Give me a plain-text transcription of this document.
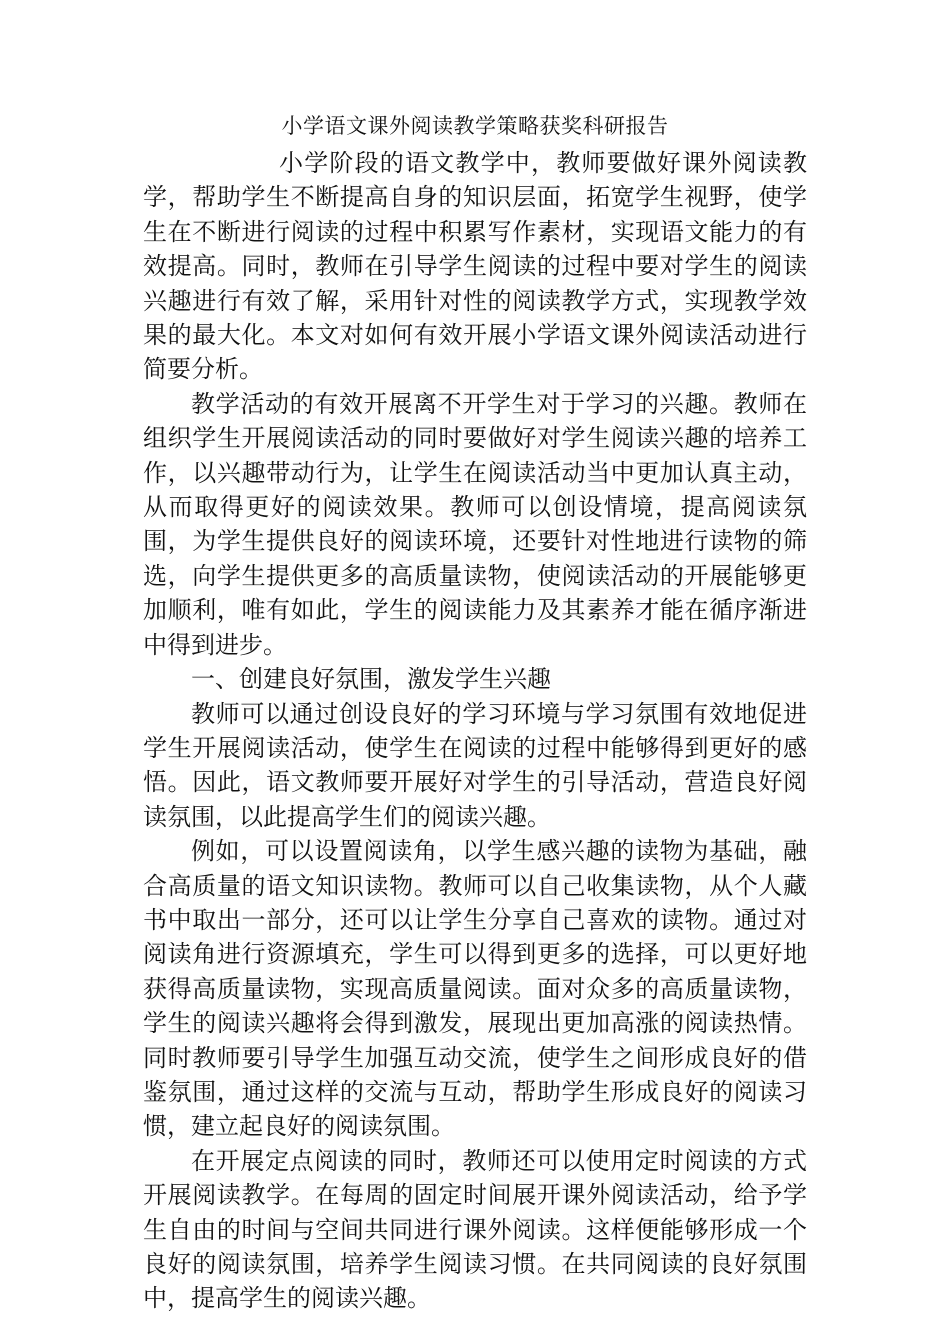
小学语文课外阅读教学策略获奖科研报告

小学阶段的语文教学中，教师要做好课外阅读教学，帮助学生不断提高自身的知识层面，拓宽学生视野，使学生在不断进行阅读的过程中积累写作素材，实现语文能力的有效提高。同时，教师在引导学生阅读的过程中要对学生的阅读兴趣进行有效了解，采用针对性的阅读教学方式，实现教学效果的最大化。本文对如何有效开展小学语文课外阅读活动进行简要分析。

教学活动的有效开展离不开学生对于学习的兴趣。教师在组织学生开展阅读活动的同时要做好对学生阅读兴趣的培养工作，以兴趣带动行为，让学生在阅读活动当中更加认真主动，从而取得更好的阅读效果。教师可以创设情境，提高阅读氛围，为学生提供良好的阅读环境，还要针对性地进行读物的筛选，向学生提供更多的高质量读物，使阅读活动的开展能够更加顺利，唯有如此，学生的阅读能力及其素养才能在循序渐进中得到进步。

一、创建良好氛围，激发学生兴趣

教师可以通过创设良好的学习环境与学习氛围有效地促进学生开展阅读活动，使学生在阅读的过程中能够得到更好的感悟。因此，语文教师要开展好对学生的引导活动，营造良好阅读氛围，以此提高学生们的阅读兴趣。

例如，可以设置阅读角，以学生感兴趣的读物为基础，融合高质量的语文知识读物。教师可以自己收集读物，从个人藏书中取出一部分，还可以让学生分享自己喜欢的读物。通过对阅读角进行资源填充，学生可以得到更多的选择，可以更好地获得高质量读物，实现高质量阅读。面对众多的高质量读物，学生的阅读兴趣将会得到激发，展现出更加高涨的阅读热情。同时教师要引导学生加强互动交流，使学生之间形成良好的借鉴氛围，通过这样的交流与互动，帮助学生形成良好的阅读习惯，建立起良好的阅读氛围。

在开展定点阅读的同时，教师还可以使用定时阅读的方式开展阅读教学。在每周的固定时间展开课外阅读活动，给予学生自由的时间与空间共同进行课外阅读。这样便能够形成一个良好的阅读氛围，培养学生阅读习惯。在共同阅读的良好氛围中，提高学生的阅读兴趣。
